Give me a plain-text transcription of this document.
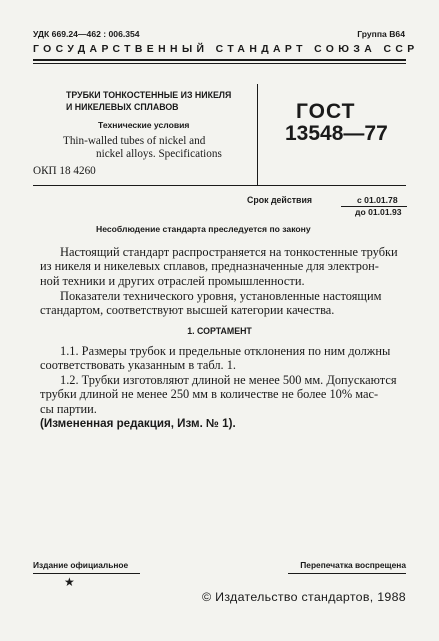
УДК 669.24—462 : 006.354	Группа В64
ГОСУДАРСТВЕННЫЙ СТАНДАРТ СОЮЗА ССР
ТРУБКИ ТОНКОСТЕННЫЕ ИЗ НИКЕЛЯ
И НИКЕЛЕВЫХ СПЛАВОВ
Технические условия
Thin-walled tubes of nickel and
nickel alloys. Specifications
ОКП 18 4260
ГОСТ
13548—77
Срок действия	с 01.01.78
до 01.01.93
Несоблюдение стандарта преследуется по закону
Настоящий стандарт распространяется на тонкостенные трубки
из никеля и никелевых сплавов, предназначенные для электрон-
ной техники и других отраслей промышленности.
Показатели технического уровня, установленные настоящим
стандартом, соответствуют высшей категории качества.
1. СОРТАМЕНТ
1.1. Размеры трубок и предельные отклонения по ним должны
соответствовать указанным в табл. 1.
1.2. Трубки изготовляют длиной не менее 500 мм. Допускаются
трубки длиной не менее 250 мм в количестве не более 10% мас-
сы партии.
(Измененная редакция, Изм. № 1).
Издание официальное	Перепечатка воспрещена
★
© Издательство стандартов, 1988
